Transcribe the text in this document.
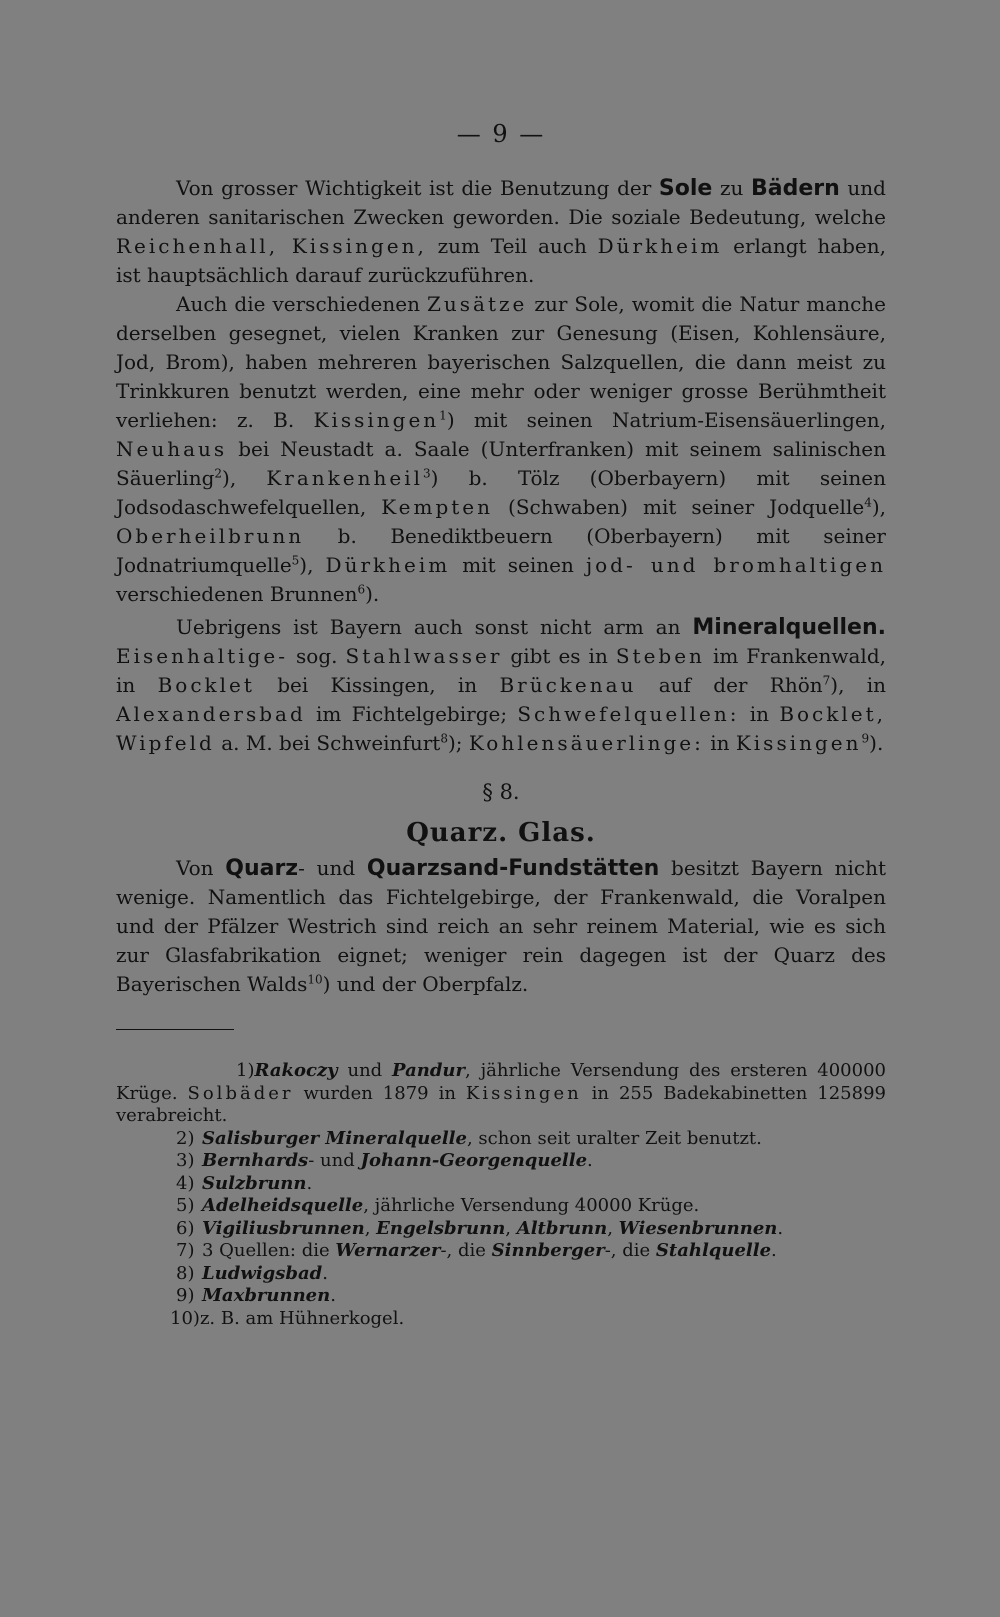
— 9 —

Von grosser Wichtigkeit ist die Benutzung der Sole zu Bädern und anderen sanitarischen Zwecken geworden. Die soziale Bedeutung, welche Reichenhall, Kissingen, zum Teil auch Dürkheim erlangt haben, ist hauptsächlich darauf zurückzuführen.

Auch die verschiedenen Zusätze zur Sole, womit die Natur manche derselben gesegnet, vielen Kranken zur Genesung (Eisen, Kohlensäure, Jod, Brom), haben mehreren bayerischen Salzquellen, die dann meist zu Trinkkuren benutzt werden, eine mehr oder weniger grosse Berühmtheit verliehen: z. B. Kissingen$^1$) mit seinen Natrium-Eisensäuerlingen, Neuhaus bei Neustadt a. Saale (Unterfranken) mit seinem salinischen Säuerling$^2$), Krankenheil$^3$) b. Tölz (Oberbayern) mit seinen Jodsodaschwefelquellen, Kempten (Schwaben) mit seiner Jodquelle$^4$), Oberheilbrunn b. Benediktbeuern (Oberbayern) mit seiner Jodnatriumquelle$^5$), Dürkheim mit seinen jod- und bromhaltigen verschiedenen Brunnen$^6$).

Uebrigens ist Bayern auch sonst nicht arm an Mineralquellen. Eisenhaltige- sog. Stahlwasser gibt es in Steben im Frankenwald, in Bocklet bei Kissingen, in Brückenau auf der Rhön$^7$), in Alexandersbad im Fichtelgebirge; Schwefelquellen: in Bocklet, Wipfeld a. M. bei Schweinfurt$^8$); Kohlensäuerlinge: in Kissingen$^9$).

§ 8.
Quarz. Glas.

Von Quarz- und Quarzsand-Fundstätten besitzt Bayern nicht wenige. Namentlich das Fichtelgebirge, der Frankenwald, die Voralpen und der Pfälzer Westrich sind reich an sehr reinem Material, wie es sich zur Glasfabrikation eignet; weniger rein dagegen ist der Quarz des Bayerischen Walds$^{10}$) und der Oberpfalz.

1)Rakoczy und Pandur, jährliche Versendung des ersteren 400000 Krüge. Solbäder wurden 1879 in Kissingen in 255 Badekabinetten 125899 verabreicht.

2) Salisburger Mineralquelle, schon seit uralter Zeit benutzt.

3) Bernhards- und Johann-Georgenquelle.

4) Sulzbrunn.

5) Adelheidsquelle, jährliche Versendung 40000 Krüge.

6) Vigiliusbrunnen, Engelsbrunn, Altbrunn, Wiesenbrunnen.

7) 3 Quellen: die Wernarzer-, die Sinnberger-, die Stahlquelle.

8) Ludwigsbad.

9) Maxbrunnen.

10)z. B. am Hühnerkogel.
